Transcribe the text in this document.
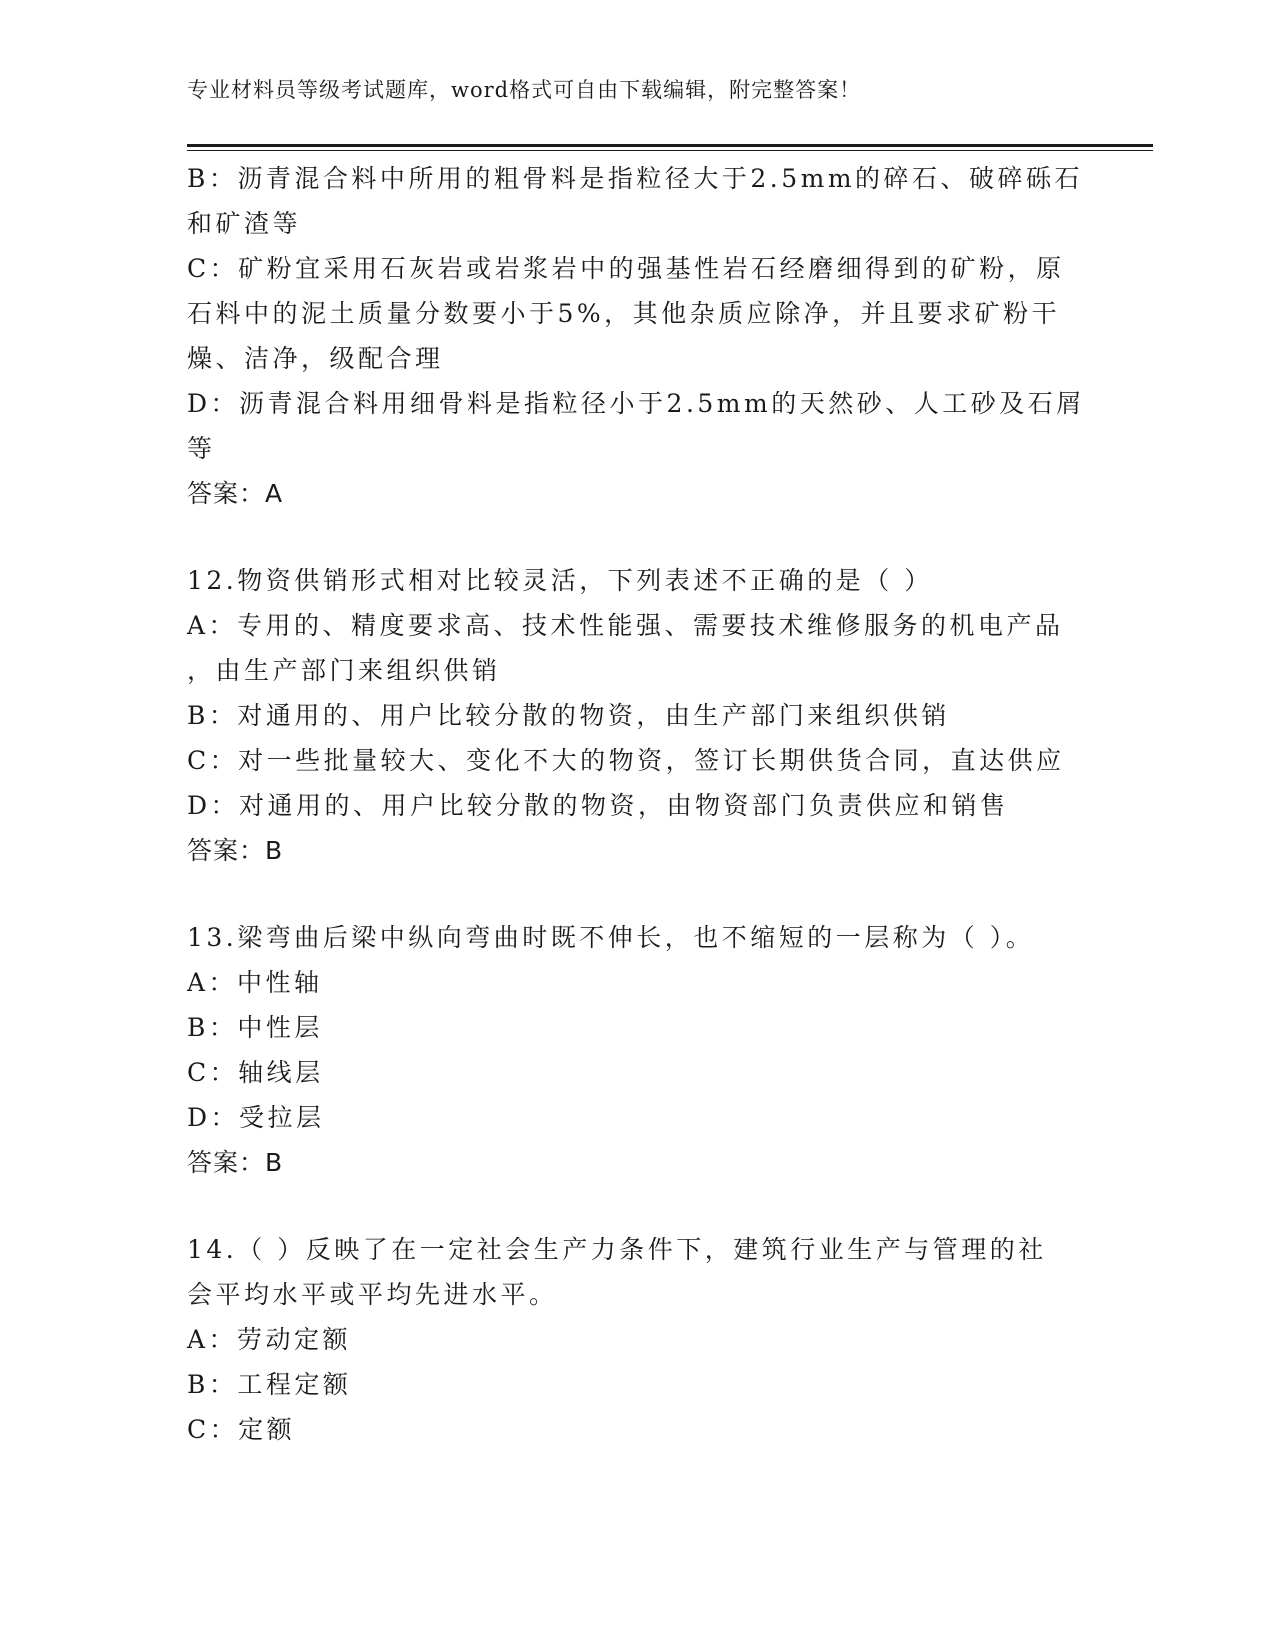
专业材料员等级考试题库，word格式可自由下载编辑，附完整答案！
B：沥青混合料中所用的粗骨料是指粒径大于2.5mm的碎石、破碎砾石
和矿渣等
C：矿粉宜采用石灰岩或岩浆岩中的强基性岩石经磨细得到的矿粉，原
石料中的泥土质量分数要小于5%，其他杂质应除净，并且要求矿粉干
燥、洁净，级配合理
D：沥青混合料用细骨料是指粒径小于2.5mm的天然砂、人工砂及石屑
等
答案：A
12.物资供销形式相对比较灵活，下列表述不正确的是（ ）
A：专用的、精度要求高、技术性能强、需要技术维修服务的机电产品
，由生产部门来组织供销
B：对通用的、用户比较分散的物资，由生产部门来组织供销
C：对一些批量较大、变化不大的物资，签订长期供货合同，直达供应
D：对通用的、用户比较分散的物资，由物资部门负责供应和销售
答案：B
13.梁弯曲后梁中纵向弯曲时既不伸长，也不缩短的一层称为（ ）。
A：中性轴
B：中性层
C：轴线层
D：受拉层
答案：B
14.（ ）反映了在一定社会生产力条件下，建筑行业生产与管理的社
会平均水平或平均先进水平。
A：劳动定额
B：工程定额
C：定额
